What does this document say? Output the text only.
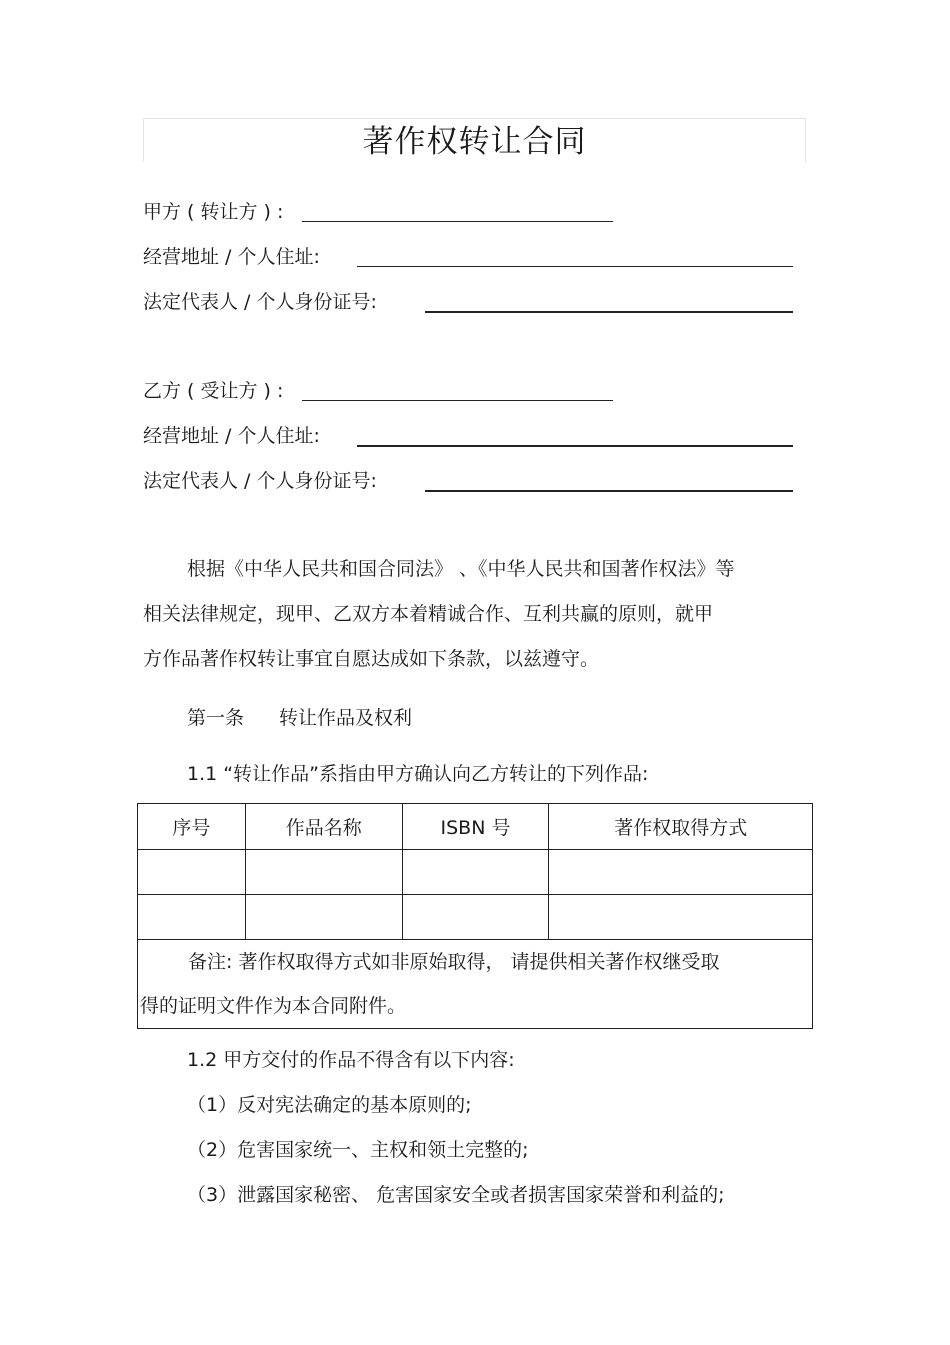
著作权转让合同
甲方 ( 转让方 ) :
经营地址 / 个人住址:
法定代表人 / 个人身份证号:
乙方 ( 受让方 ) :
经营地址 / 个人住址:
法定代表人 / 个人身份证号:
根据《中华人民共和国合同法》 、《中华人民共和国著作权法》等
相关法律规定，现甲、乙双方本着精诚合作、互利共赢的原则，就甲
方作品著作权转让事宜自愿达成如下条款，以兹遵守。
第一条 转让作品及权利
1.1 “转让作品”系指由甲方确认向乙方转让的下列作品:
序号	作品名称	ISBN 号	著作权取得方式

备注: 著作权取得方式如非原始取得， 请提供相关著作权继受取
得的证明文件作为本合同附件。			
1.2 甲方交付的作品不得含有以下内容:
（1）反对宪法确定的基本原则的;
（2）危害国家统一、主权和领土完整的;
（3）泄露国家秘密、 危害国家安全或者损害国家荣誉和利益的;
